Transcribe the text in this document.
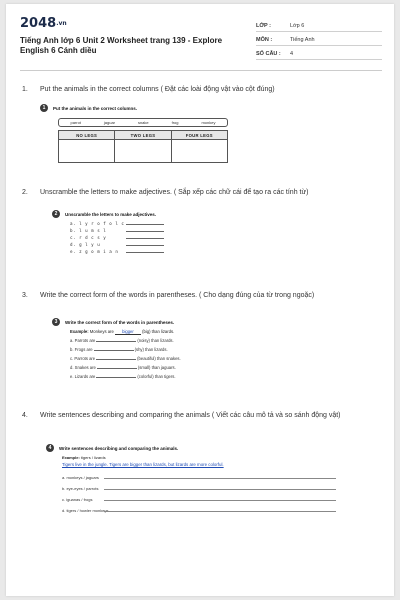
2048.vn
Tiếng Anh lớp 6 Unit 2 Worksheet trang 139 - Explore English 6 Cánh diều
LỚP :	Lớp 6
MÔN :	Tiếng Anh
SỐ CÂU :	4
1. Put the animals in the correct columns ( Đặt các loài động vật vào cột đúng)
1	Put the animals in the correct columns.
parrot	jaguar	snake	frog	monkey
NO LEGS	TWO LEGS	FOUR LEGS
2. Unscramble the letters to make adjectives. ( Sắp xếp các chữ cái để tạo ra các tính từ)
2	Unscramble the letters to make adjectives.
a. l y r o f o l c
b. l u m s l
c. r d c s y
d. g l y u
e. z g o m i a n
3. Write the correct form of the words in parentheses. ( Cho dạng đúng của từ trong ngoặc)
3	Write the correct form of the words in parentheses.
Example: Monkeys are bigger (big) than lizards.
a. Parrots are	(noisy) than lizards.
b. Frogs are	(shy) than lizards.
c. Parrots are	(beautiful) than snakes.
d. Snakes are	(small) than jaguars.
e. Lizards are	(colorful) than tigers.
4. Write sentences describing and comparing the animals ( Viết các câu mô tả và so sánh động vật)
4	Write sentences describing and comparing the animals.
Example: tigers / lizards
Tigers live in the jungle. Tigers are bigger than lizards, but lizards are more colorful.
a. monkeys / jaguars
b. eye-eyes / parrots
c. iguanas / frogs
d. tigers / howler monkeys
